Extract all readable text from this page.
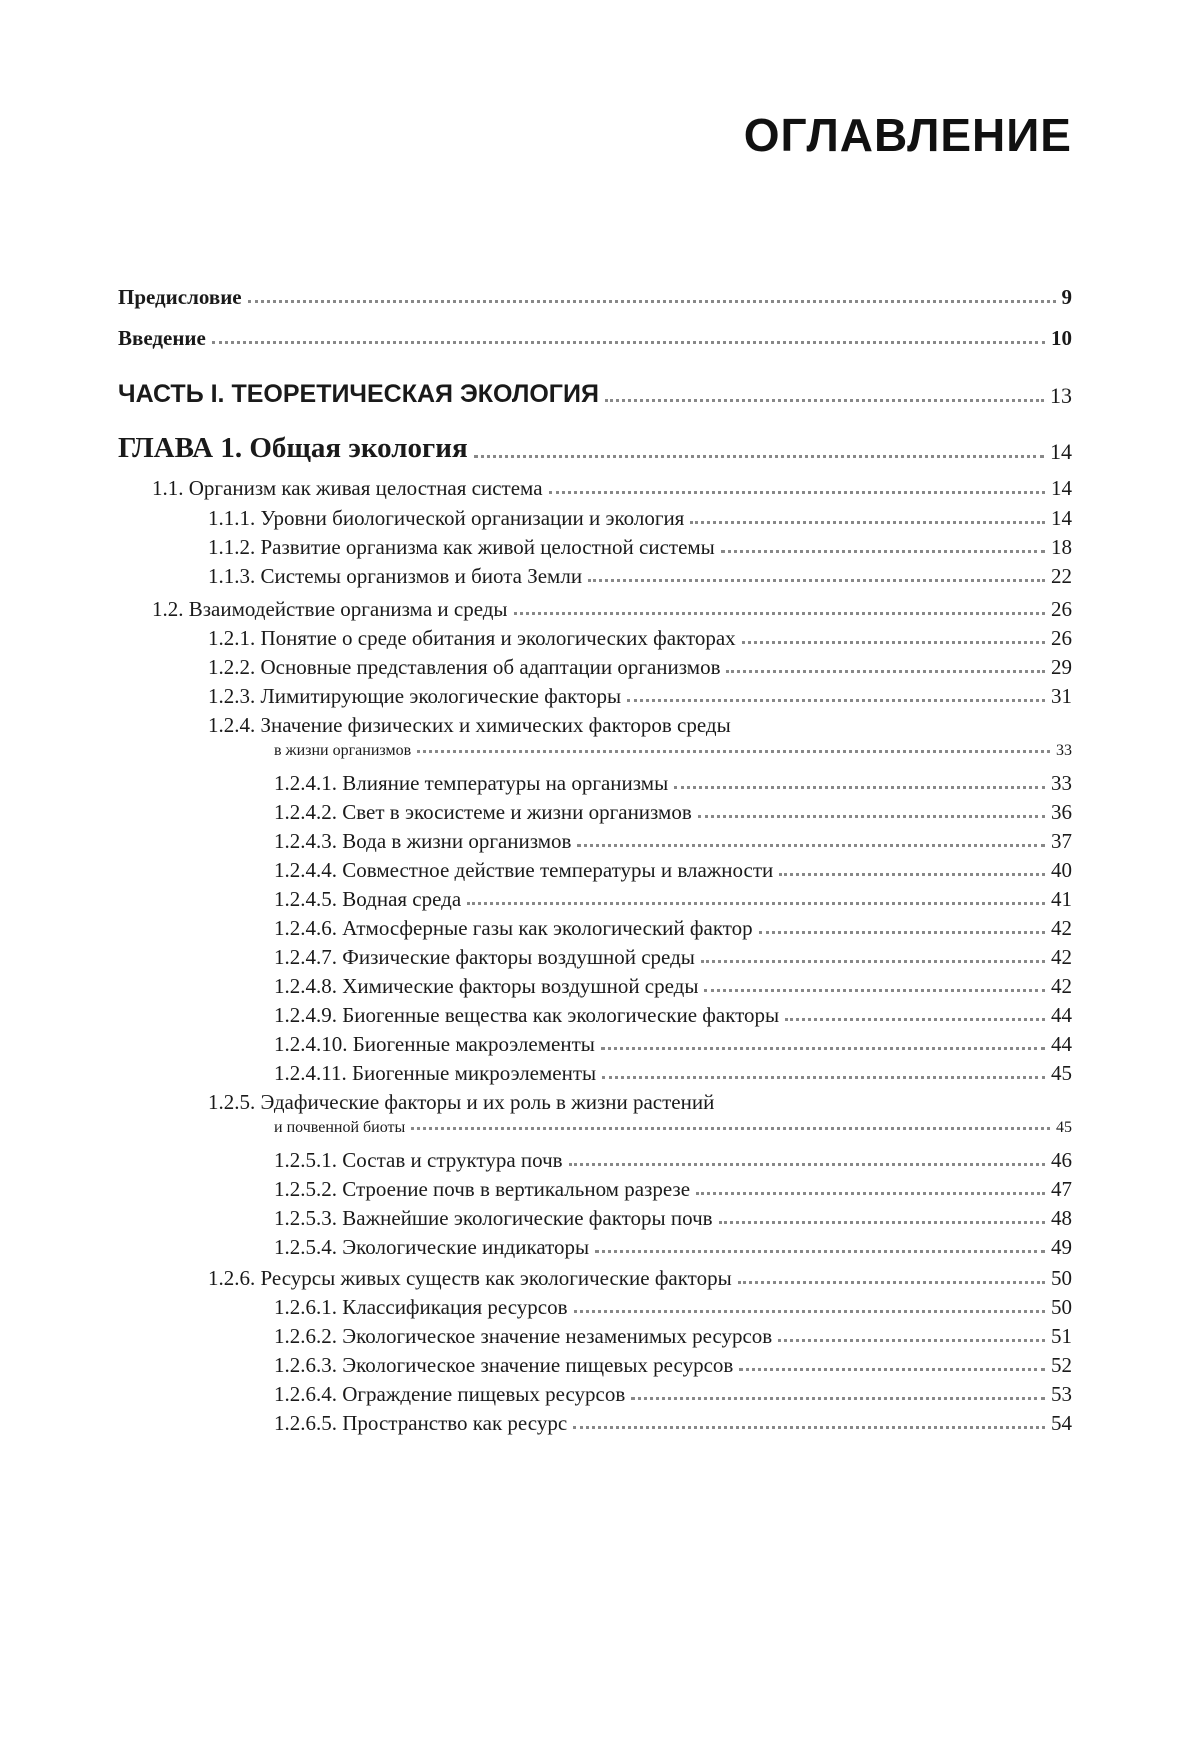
ОГЛАВЛЕНИЕ
Предисловие	9
Введение	10
ЧАСТЬ I. ТЕОРЕТИЧЕСКАЯ ЭКОЛОГИЯ	13
ГЛАВА 1. Общая экология	14
1.1. Организм как живая целостная система	14
1.1.1. Уровни биологической организации и экология	14
1.1.2. Развитие организма как живой целостной системы	18
1.1.3. Системы организмов и биота Земли	22
1.2. Взаимодействие организма и среды	26
1.2.1. Понятие о среде обитания и экологических факторах	26
1.2.2. Основные представления об адаптации организмов	29
1.2.3. Лимитирующие экологические факторы	31
1.2.4. Значение физических и химических факторов среды
в жизни организмов	33
1.2.4.1. Влияние температуры на организмы	33
1.2.4.2. Свет в экосистеме и жизни организмов	36
1.2.4.3. Вода в жизни организмов	37
1.2.4.4. Совместное действие температуры и влажности	40
1.2.4.5. Водная среда	41
1.2.4.6. Атмосферные газы как экологический фактор	42
1.2.4.7. Физические факторы воздушной среды	42
1.2.4.8. Химические факторы воздушной среды	42
1.2.4.9. Биогенные вещества как экологические факторы	44
1.2.4.10. Биогенные макроэлементы	44
1.2.4.11. Биогенные микроэлементы	45
1.2.5. Эдафические факторы и их роль в жизни растений
и почвенной биоты	45
1.2.5.1. Состав и структура почв	46
1.2.5.2. Строение почв в вертикальном разрезе	47
1.2.5.3. Важнейшие экологические факторы почв	48
1.2.5.4. Экологические индикаторы	49
1.2.6. Ресурсы живых существ как экологические факторы	50
1.2.6.1. Классификация ресурсов	50
1.2.6.2. Экологическое значение незаменимых ресурсов	51
1.2.6.3. Экологическое значение пищевых ресурсов	52
1.2.6.4. Ограждение пищевых ресурсов	53
1.2.6.5. Пространство как ресурс	54
